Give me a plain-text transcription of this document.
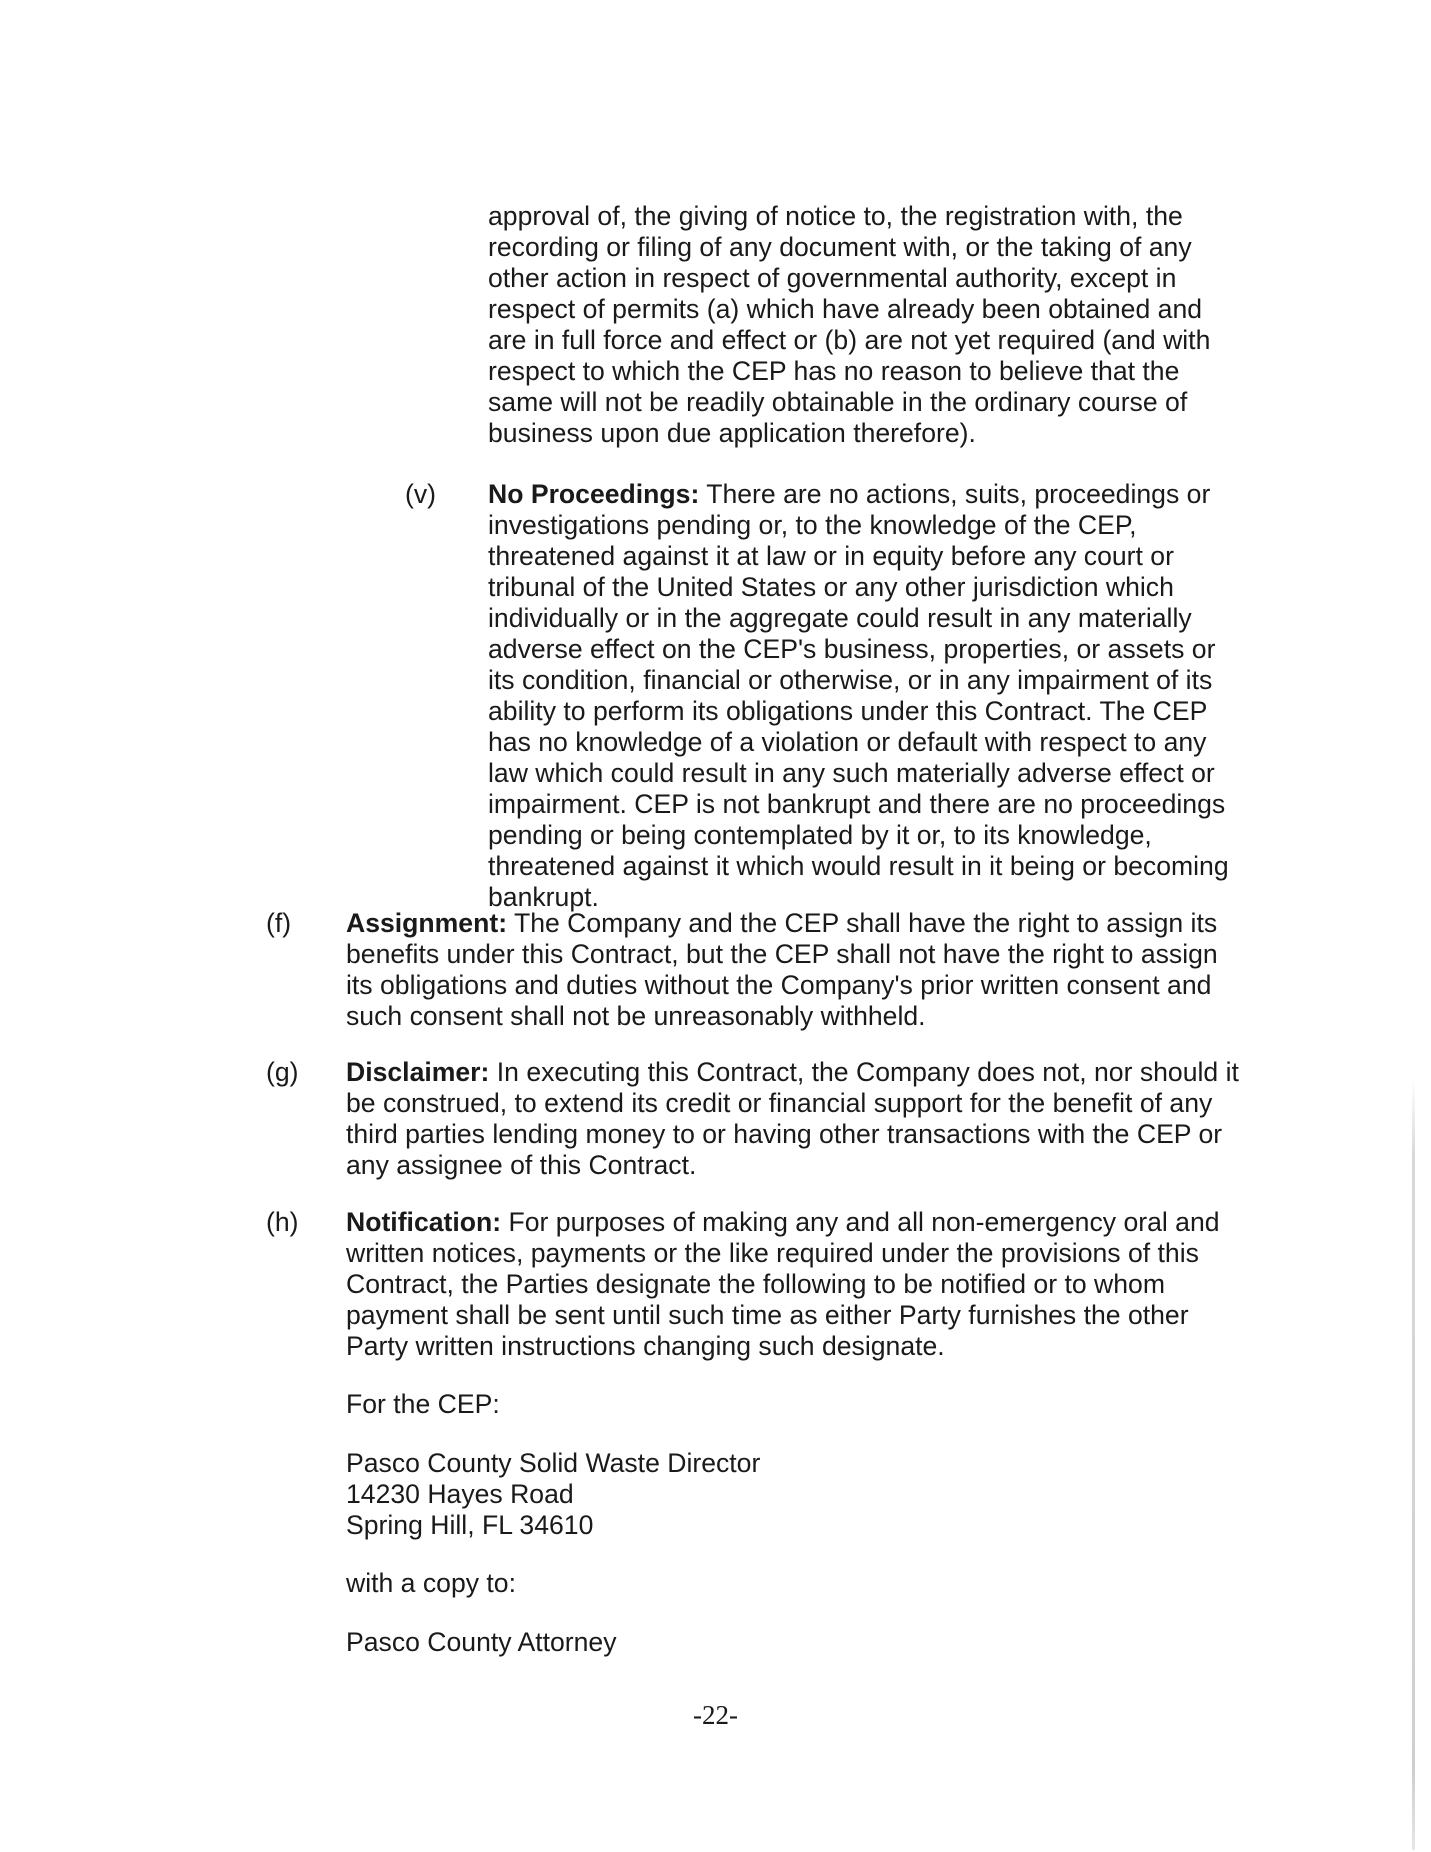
approval of, the giving of notice to, the registration with, the recording or filing of any document with, or the taking of any other action in respect of governmental authority, except in respect of permits (a) which have already been obtained and are in full force and effect or (b) are not yet required (and with respect to which the CEP has no reason to believe that the same will not be readily obtainable in the ordinary course of business upon due application therefore).

(v) No Proceedings: There are no actions, suits, proceedings or investigations pending or, to the knowledge of the CEP, threatened against it at law or in equity before any court or tribunal of the United States or any other jurisdiction which individually or in the aggregate could result in any materially adverse effect on the CEP's business, properties, or assets or its condition, financial or otherwise, or in any impairment of its ability to perform its obligations under this Contract. The CEP has no knowledge of a violation or default with respect to any law which could result in any such materially adverse effect or impairment. CEP is not bankrupt and there are no proceedings pending or being contemplated by it or, to its knowledge, threatened against it which would result in it being or becoming bankrupt.

(f) Assignment: The Company and the CEP shall have the right to assign its benefits under this Contract, but the CEP shall not have the right to assign its obligations and duties without the Company's prior written consent and such consent shall not be unreasonably withheld.

(g) Disclaimer: In executing this Contract, the Company does not, nor should it be construed, to extend its credit or financial support for the benefit of any third parties lending money to or having other transactions with the CEP or any assignee of this Contract.

(h) Notification: For purposes of making any and all non-emergency oral and written notices, payments or the like required under the provisions of this Contract, the Parties designate the following to be notified or to whom payment shall be sent until such time as either Party furnishes the other Party written instructions changing such designate.

For the CEP:
Pasco County Solid Waste Director
14230 Hayes Road
Spring Hill, FL 34610
with a copy to:
Pasco County Attorney
-22-
